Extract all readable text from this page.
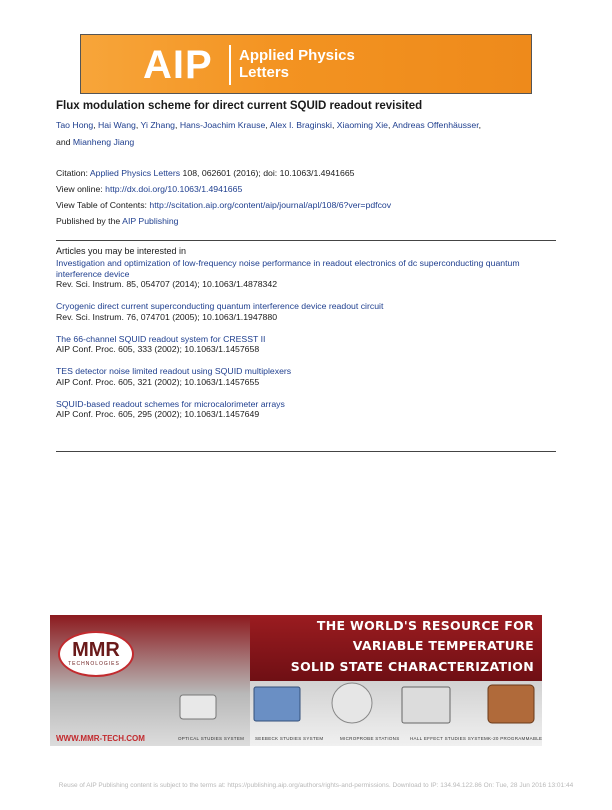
AIP Applied Physics
Letters
Flux modulation scheme for direct current SQUID readout revisited
Tao Hong, Hai Wang, Yi Zhang, Hans-Joachim Krause, Alex I. Braginski, Xiaoming Xie, Andreas Offenhäusser,
and Mianheng Jiang
Citation: Applied Physics Letters 108, 062601 (2016); doi: 10.1063/1.4941665
View online: http://dx.doi.org/10.1063/1.4941665
View Table of Contents: http://scitation.aip.org/content/aip/journal/apl/108/6?ver=pdfcov
Published by the AIP Publishing
Articles you may be interested in
Investigation and optimization of low-frequency noise performance in readout electronics of dc superconducting quantum interference device
Rev. Sci. Instrum. 85, 054707 (2014); 10.1063/1.4878342
Cryogenic direct current superconducting quantum interference device readout circuit
Rev. Sci. Instrum. 76, 074701 (2005); 10.1063/1.1947880
The 66-channel SQUID readout system for CRESST II
AIP Conf. Proc. 605, 333 (2002); 10.1063/1.1457658
TES detector noise limited readout using SQUID multiplexers
AIP Conf. Proc. 605, 321 (2002); 10.1063/1.1457655
SQUID-based readout schemes for microcalorimeter arrays
AIP Conf. Proc. 605, 295 (2002); 10.1063/1.1457649
MMR
TECHNOLOGIES
THE WORLD'S RESOURCE FOR
VARIABLE TEMPERATURE
SOLID STATE CHARACTERIZATION
OPTICAL STUDIES SYSTEM SEEBECK STUDIES SYSTEM	MICROPROBE STATIONS HALL EFFECT STUDIES SYSTEM K-20 PROGRAMMABLE
WWW.MMR-TECH.COM
Reuse of AIP Publishing content is subject to the terms at: https://publishing.aip.org/authors/rights-and-permissions. Download to IP: 134.94.122.86 On: Tue, 28 Jun 2016 13:01:44
